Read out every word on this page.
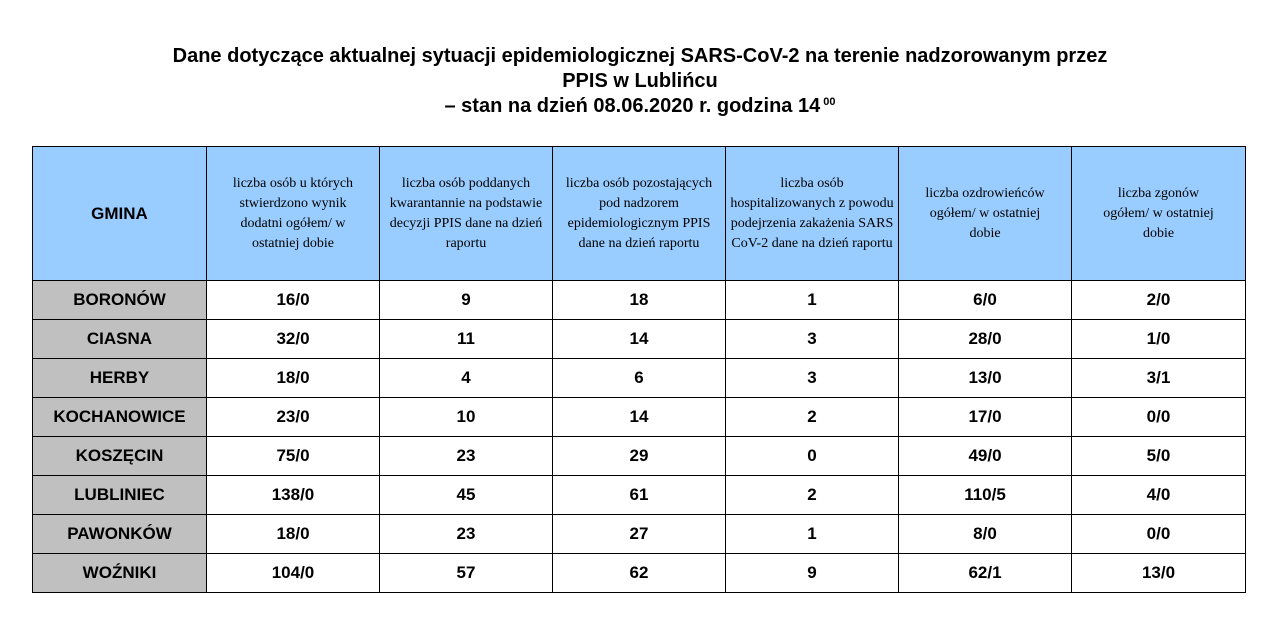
Dane dotyczące aktualnej sytuacji epidemiologicznej SARS-CoV-2 na terenie nadzorowanym przez
PPIS w Lublińcu
– stan na dzień 08.06.2020 r. godzina 14 $^{00}$
GMINA	liczba osób u których stwierdzono wynik dodatni ogółem/ w ostatniej dobie	liczba osób poddanych kwarantannie na podstawie decyzji PPIS dane na dzień raportu	liczba osób pozostających pod nadzorem epidemiologicznym PPIS dane na dzień raportu	liczba osób hospitalizowanych z powodu podejrzenia zakażenia SARS CoV-2 dane na dzień raportu	liczba ozdrowieńców ogółem/ w ostatniej dobie	liczba zgonów ogółem/ w ostatniej dobie

BORONÓW	16/0	9	18	1	6/0	2/0
CIASNA	32/0	11	14	3	28/0	1/0
HERBY	18/0	4	6	3	13/0	3/1
KOCHANOWICE	23/0	10	14	2	17/0	0/0
KOSZĘCIN	75/0	23	29	0	49/0	5/0
LUBLINIEC	138/0	45	61	2	110/5	4/0
PAWONKÓW	18/0	23	27	1	8/0	0/0
WOŹNIKI	104/0	57	62	9	62/1	13/0
